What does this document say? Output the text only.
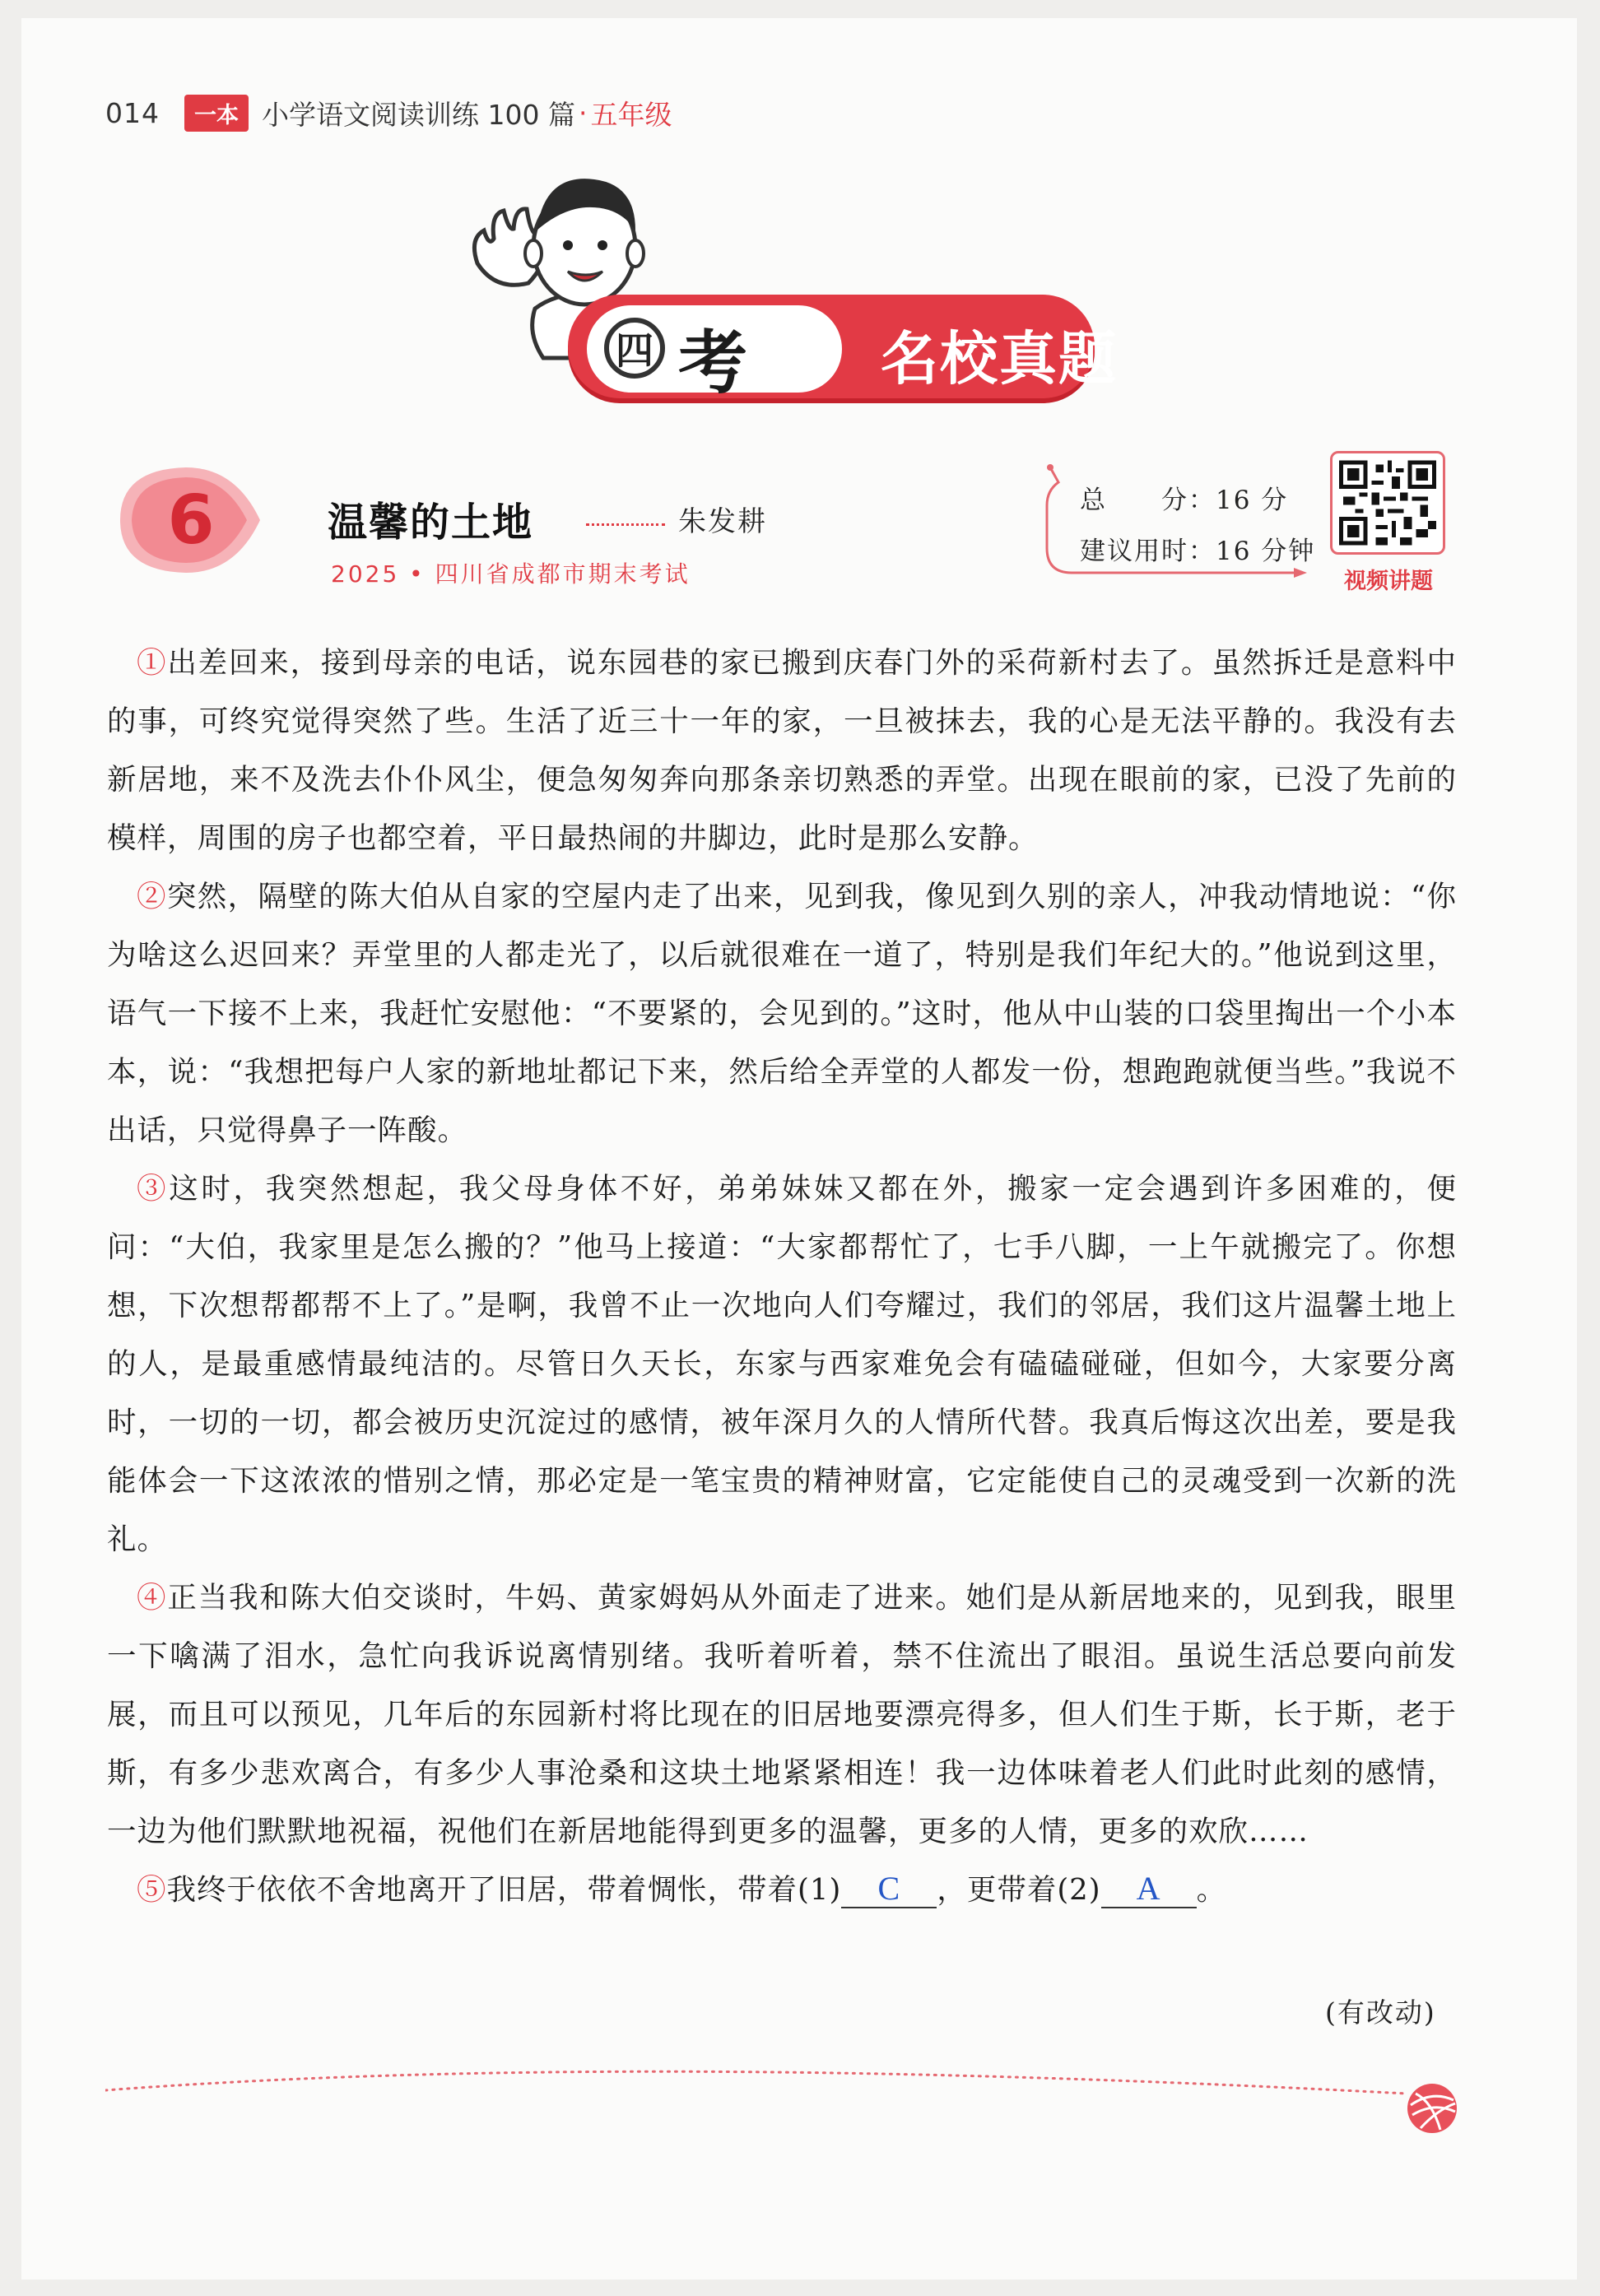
014	一本 小学语文阅读训练 100 篇 · 五年级
四 考 名校真题
6	温馨的土地	朱发耕
2025 • 四川省成都市期末考试
总　　分：16 分
建议用时：16 分钟
视频讲题

①出差回来，接到母亲的电话，说东园巷的家已搬到庆春门外的采荷新村去了。虽然拆迁是意料中的事，可终究觉得突然了些。生活了近三十一年的家，一旦被抹去，我的心是无法平静的。我没有去新居地，来不及洗去仆仆风尘，便急匆匆奔向那条亲切熟悉的弄堂。出现在眼前的家，已没了先前的模样，周围的房子也都空着，平日最热闹的井脚边，此时是那么安静。

②突然，隔壁的陈大伯从自家的空屋内走了出来，见到我，像见到久别的亲人，冲我动情地说：“你为啥这么迟回来？弄堂里的人都走光了，以后就很难在一道了，特别是我们年纪大的。”他说到这里，语气一下接不上来，我赶忙安慰他：“不要紧的，会见到的。”这时，他从中山装的口袋里掏出一个小本本，说：“我想把每户人家的新地址都记下来，然后给全弄堂的人都发一份，想跑跑就便当些。”我说不出话，只觉得鼻子一阵酸。

③这时，我突然想起，我父母身体不好，弟弟妹妹又都在外，搬家一定会遇到许多困难的，便问：“大伯，我家里是怎么搬的？”他马上接道：“大家都帮忙了，七手八脚，一上午就搬完了。你想想，下次想帮都帮不上了。”是啊，我曾不止一次地向人们夸耀过，我们的邻居，我们这片温馨土地上的人，是最重感情最纯洁的。尽管日久天长，东家与西家难免会有磕磕碰碰，但如今，大家要分离时，一切的一切，都会被历史沉淀过的感情，被年深月久的人情所代替。我真后悔这次出差，要是我能体会一下这浓浓的惜别之情，那必定是一笔宝贵的精神财富，它定能使自己的灵魂受到一次新的洗礼。

④正当我和陈大伯交谈时，牛妈、黄家姆妈从外面走了进来。她们是从新居地来的，见到我，眼里一下噙满了泪水，急忙向我诉说离情别绪。我听着听着，禁不住流出了眼泪。虽说生活总要向前发展，而且可以预见，几年后的东园新村将比现在的旧居地要漂亮得多，但人们生于斯，长于斯，老于斯，有多少悲欢离合，有多少人事沧桑和这块土地紧紧相连！我一边体味着老人们此时此刻的感情，一边为他们默默地祝福，祝他们在新居地能得到更多的温馨，更多的人情，更多的欢欣……

⑤我终于依依不舍地离开了旧居，带着惆怅，带着(1) C ，更带着(2) A 。

(有改动)
